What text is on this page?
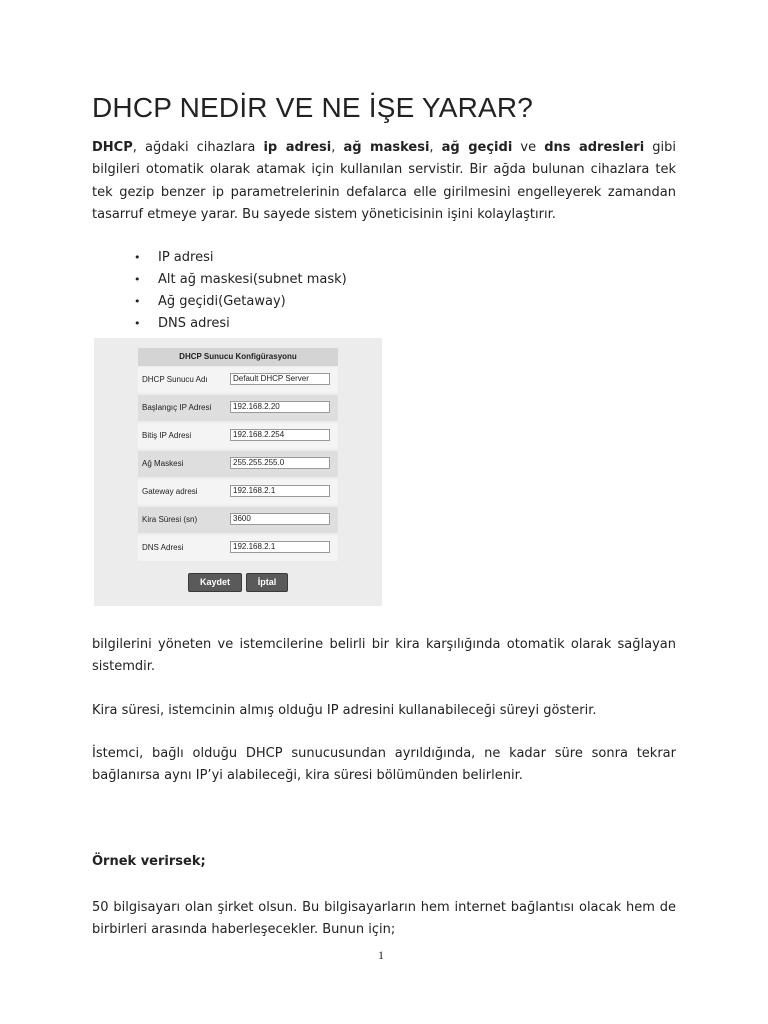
DHCP NEDİR VE NE İŞE YARAR?

DHCP, ağdaki cihazlara ip adresi, ağ maskesi, ağ geçidi ve dns adresleri gibi bilgileri otomatik olarak atamak için kullanılan servistir. Bir ağda bulunan cihazlara tek tek gezip benzer ip parametrelerinin defalarca elle girilmesini engelleyerek zamandan tasarruf etmeye yarar. Bu sayede sistem yöneticisinin işini kolaylaştırır.

• IP adresi
• Alt ağ maskesi(subnet mask)
• Ağ geçidi(Getaway)
• DNS adresi
DHCP Sunucu Konfigürasyonu
DHCP Sunucu Adı	Default DHCP Server
Başlangıç IP Adresi	192.168.2.20
Bitiş IP Adresi	192.168.2.254
Ağ Maskesi	255.255.255.0
Gateway adresi	192.168.2.1
Kira Süresi (sn)	3600
DNS Adresi	192.168.2.1
Kaydet	İptal

bilgilerini yöneten ve istemcilerine belirli bir kira karşılığında otomatik olarak sağlayan sistemdir.

Kira süresi, istemcinin almış olduğu IP adresini kullanabileceği süreyi gösterir.

İstemci, bağlı olduğu DHCP sunucusundan ayrıldığında, ne kadar süre sonra tekrar bağlanırsa aynı IP’yi alabileceği, kira süresi bölümünden belirlenir.

Örnek verirsek;

50 bilgisayarı olan şirket olsun. Bu bilgisayarların hem internet bağlantısı olacak hem de birbirleri arasında haberleşecekler. Bunun için;

1
